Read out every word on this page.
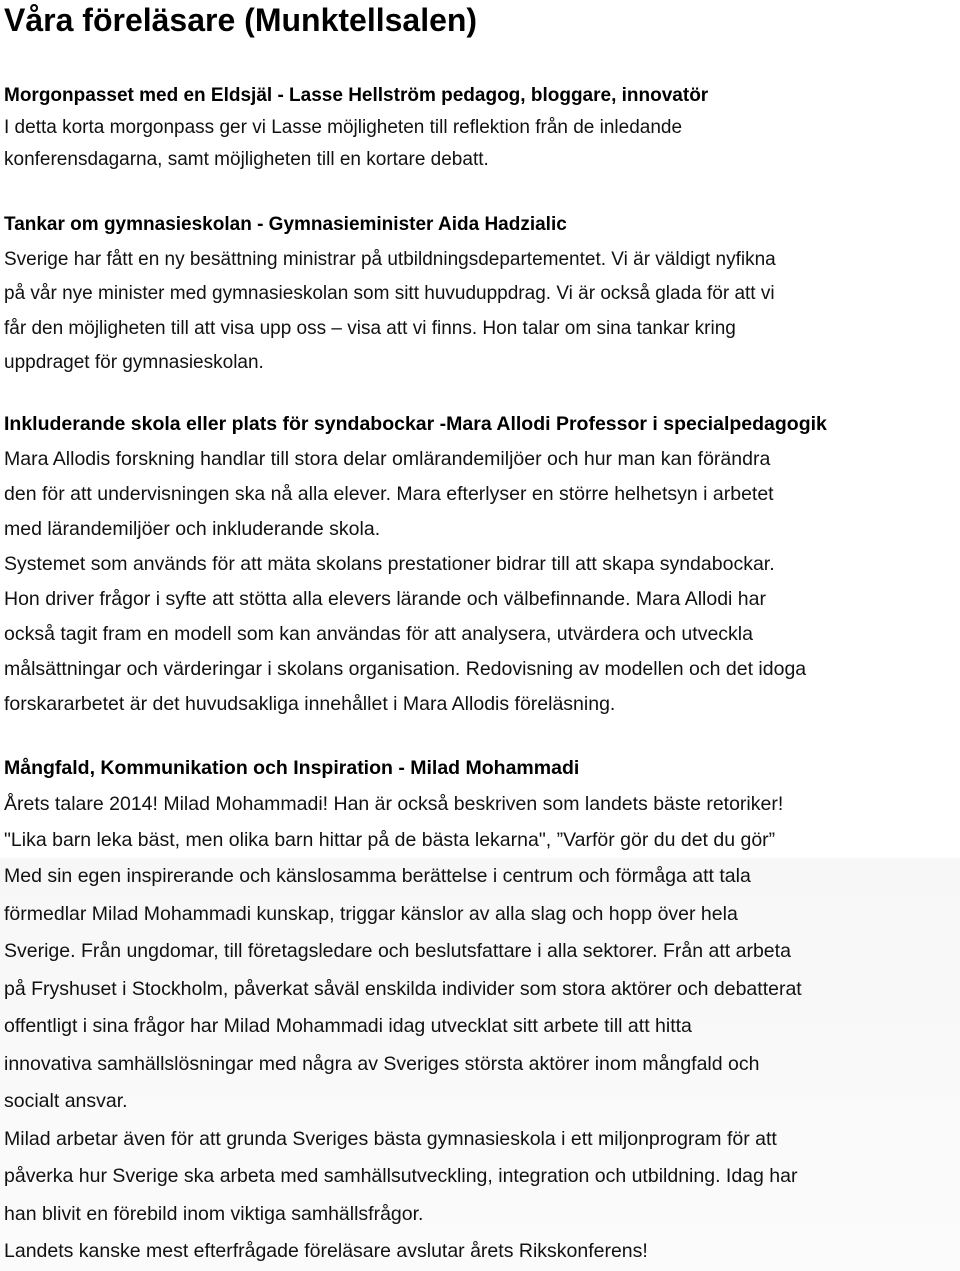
Våra föreläsare (Munktellsalen)
Morgonpasset med en Eldsjäl - Lasse Hellström pedagog, bloggare, innovatör
I detta korta morgonpass ger vi Lasse möjligheten till reflektion från de inledande
konferensdagarna, samt möjligheten till en kortare debatt.
Tankar om gymnasieskolan - Gymnasieminister Aida Hadzialic
Sverige har fått en ny besättning ministrar på utbildningsdepartementet. Vi är väldigt nyfikna
på vår nye minister med gymnasieskolan som sitt huvuduppdrag. Vi är också glada för att vi
får den möjligheten till att visa upp oss – visa att vi finns. Hon talar om sina tankar kring
uppdraget för gymnasieskolan.
Inkluderande skola eller plats för syndabockar -Mara Allodi Professor i specialpedagogik
Mara Allodis forskning handlar till stora delar omlärandemiljöer och hur man kan förändra
den för att undervisningen ska nå alla elever. Mara efterlyser en större helhetsyn i arbetet
med lärandemiljöer och inkluderande skola.
Systemet som används för att mäta skolans prestationer bidrar till att skapa syndabockar.
Hon driver frågor i syfte att stötta alla elevers lärande och välbefinnande. Mara Allodi har
också tagit fram en modell som kan användas för att analysera, utvärdera och utveckla
målsättningar och värderingar i skolans organisation. Redovisning av modellen och det idoga
forskararbetet är det huvudsakliga innehållet i Mara Allodis föreläsning.
Mångfald, Kommunikation och Inspiration - Milad Mohammadi
Årets talare 2014! Milad Mohammadi! Han är också beskriven som landets bäste retoriker!
"Lika barn leka bäst, men olika barn hittar på de bästa lekarna", ”Varför gör du det du gör”
Med sin egen inspirerande och känslosamma berättelse i centrum och förmåga att tala
förmedlar Milad Mohammadi kunskap, triggar känslor av alla slag och hopp över hela
Sverige. Från ungdomar, till företagsledare och beslutsfattare i alla sektorer. Från att arbeta
på Fryshuset i Stockholm, påverkat såväl enskilda individer som stora aktörer och debatterat
offentligt i sina frågor har Milad Mohammadi idag utvecklat sitt arbete till att hitta
innovativa samhällslösningar med några av Sveriges största aktörer inom mångfald och
socialt ansvar.
Milad arbetar även för att grunda Sveriges bästa gymnasieskola i ett miljonprogram för att
påverka hur Sverige ska arbeta med samhällsutveckling, integration och utbildning. Idag har
han blivit en förebild inom viktiga samhällsfrågor.
Landets kanske mest efterfrågade föreläsare avslutar årets Rikskonferens!
